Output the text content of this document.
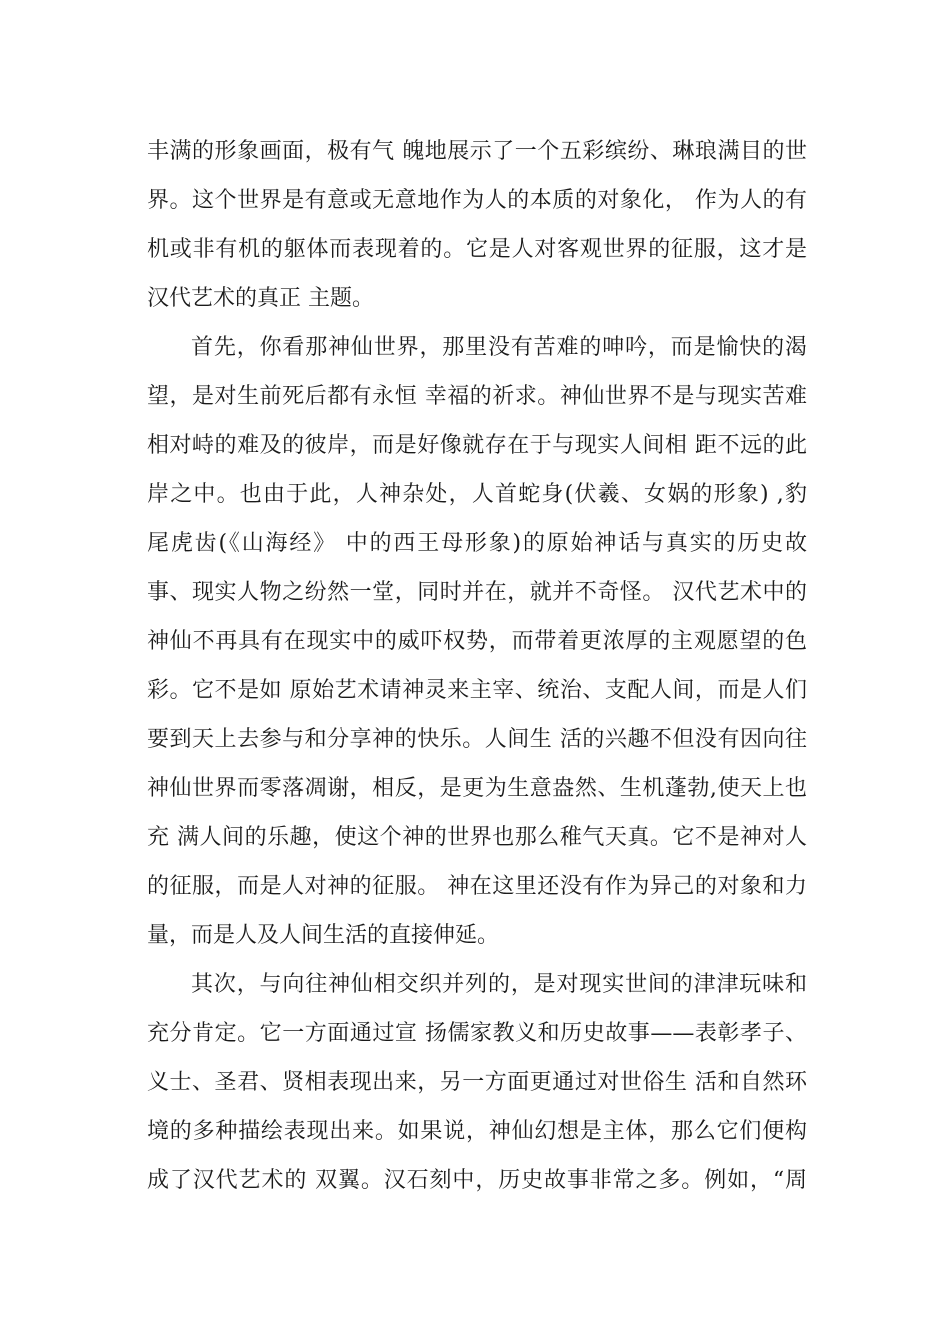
丰满的形象画面，极有气 魄地展示了一个五彩缤纷、琳琅满目的世
界。这个世界是有意或无意地作为人的本质的对象化， 作为人的有
机或非有机的躯体而表现着的。它是人对客观世界的征服，这才是
汉代艺术的真正 主题。
首先，你看那神仙世界，那里没有苦难的呻吟，而是愉快的渴
望，是对生前死后都有永恒 幸福的祈求。神仙世界不是与现实苦难
相对峙的难及的彼岸，而是好像就存在于与现实人间相 距不远的此
岸之中。也由于此，人神杂处，人首蛇身(伏羲、女娲的形象) ,豹
尾虎齿(《山海经》 中的西王母形象)的原始神话与真实的历史故
事、现实人物之纷然一堂，同时并在，就并不奇怪。 汉代艺术中的
神仙不再具有在现实中的威吓权势，而带着更浓厚的主观愿望的色
彩。它不是如 原始艺术请神灵来主宰、统治、支配人间，而是人们
要到天上去参与和分享神的快乐。人间生 活的兴趣不但没有因向往
神仙世界而零落凋谢，相反，是更为生意盎然、生机蓬勃,使天上也
充 满人间的乐趣，使这个神的世界也那么稚气天真。它不是神对人
的征服，而是人对神的征服。 神在这里还没有作为异己的对象和力
量，而是人及人间生活的直接伸延。
其次，与向往神仙相交织并列的，是对现实世间的津津玩味和
充分肯定。它一方面通过宣 扬儒家教义和历史故事——表彰孝子、
义士、圣君、贤相表现出来，另一方面更通过对世俗生 活和自然环
境的多种描绘表现出来。如果说，神仙幻想是主体，那么它们便构
成了汉代艺术的 双翼。汉石刻中，历史故事非常之多。例如，“周
